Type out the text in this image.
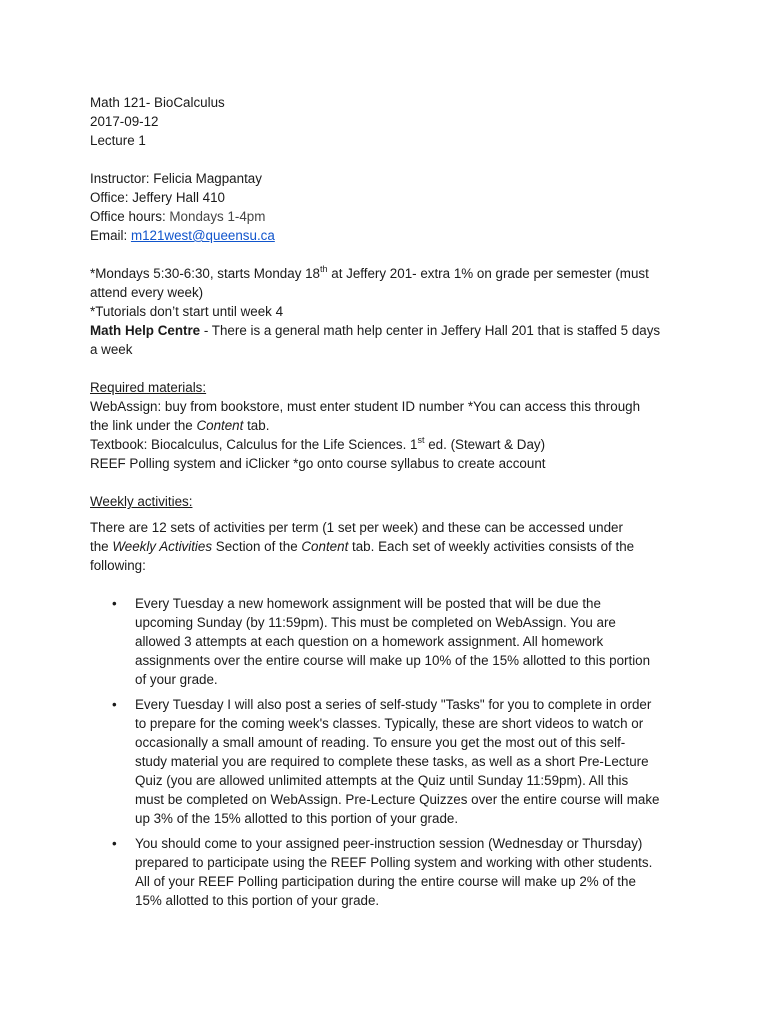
Math 121- BioCalculus
2017-09-12
Lecture 1
Instructor: Felicia Magpantay
Office: Jeffery Hall 410
Office hours: Mondays 1-4pm
Email: m121west@queensu.ca
*Mondays 5:30-6:30, starts Monday 18th at Jeffery 201- extra 1% on grade per semester (must
attend every week)
*Tutorials don’t start until week 4
Math Help Centre - There is a general math help center in Jeffery Hall 201 that is staffed 5 days
a week
Required materials:
WebAssign: buy from bookstore, must enter student ID number *You can access this through
the link under the Content tab.
Textbook: Biocalculus, Calculus for the Life Sciences. 1st ed. (Stewart & Day)
REEF Polling system and iClicker *go onto course syllabus to create account
Weekly activities:
There are 12 sets of activities per term (1 set per week) and these can be accessed under
the Weekly Activities Section of the Content tab. Each set of weekly activities consists of the
following:
• Every Tuesday a new homework assignment will be posted that will be due the
upcoming Sunday (by 11:59pm). This must be completed on WebAssign. You are
allowed 3 attempts at each question on a homework assignment. All homework
assignments over the entire course will make up 10% of the 15% allotted to this portion
of your grade.
• Every Tuesday I will also post a series of self-study "Tasks" for you to complete in order
to prepare for the coming week's classes. Typically, these are short videos to watch or
occasionally a small amount of reading. To ensure you get the most out of this self-
study material you are required to complete these tasks, as well as a short Pre-Lecture
Quiz (you are allowed unlimited attempts at the Quiz until Sunday 11:59pm). All this
must be completed on WebAssign. Pre-Lecture Quizzes over the entire course will make
up 3% of the 15% allotted to this portion of your grade.
• You should come to your assigned peer-instruction session (Wednesday or Thursday)
prepared to participate using the REEF Polling system and working with other students.
All of your REEF Polling participation during the entire course will make up 2% of the
15% allotted to this portion of your grade.
